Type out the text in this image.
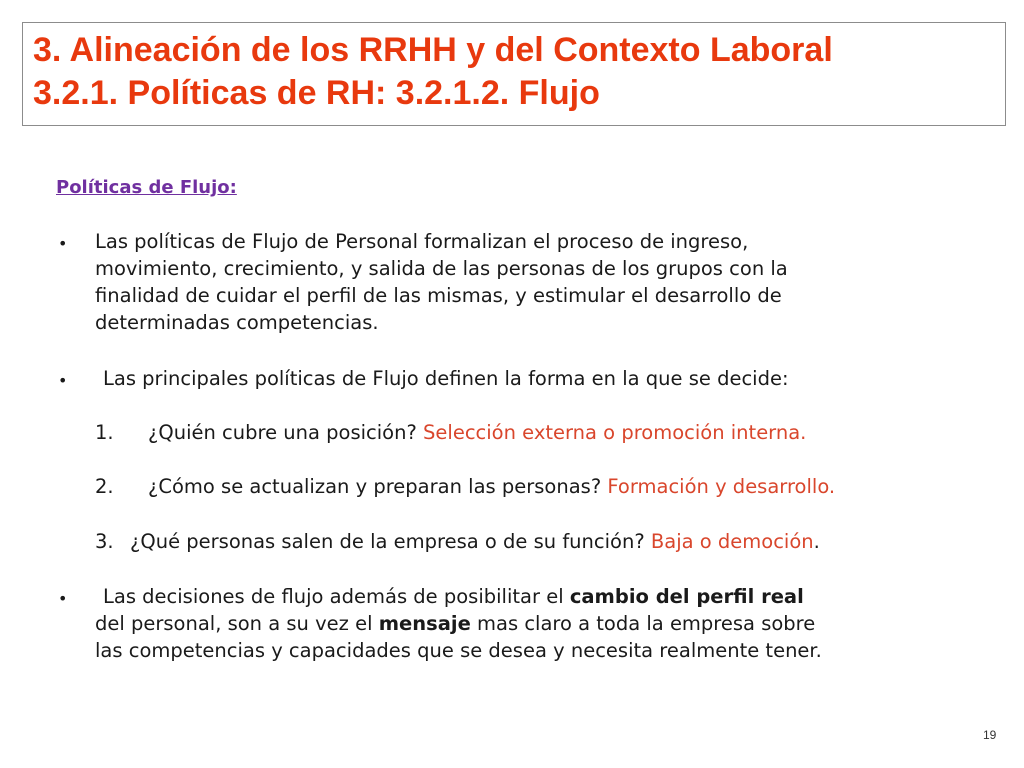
3. Alineación de los RRHH y del Contexto Laboral
3.2.1. Políticas de RH: 3.2.1.2. Flujo
Políticas de Flujo:
• Las políticas de Flujo de Personal formalizan el proceso de ingreso,
movimiento, crecimiento, y salida de las personas de los grupos con la
finalidad de cuidar el perfil de las mismas, y estimular el desarrollo de
determinadas competencias.
• Las principales políticas de Flujo definen la forma en la que se decide:
1. ¿Quién cubre una posición? Selección externa o promoción interna.
2. ¿Cómo se actualizan y preparan las personas? Formación y desarrollo.
3. ¿Qué personas salen de la empresa o de su función? Baja o democión.
•	Las decisiones de flujo además de posibilitar el cambio del perfil real
del personal, son a su vez el mensaje mas claro a toda la empresa sobre
las competencias y capacidades que se desea y necesita realmente tener.
19
